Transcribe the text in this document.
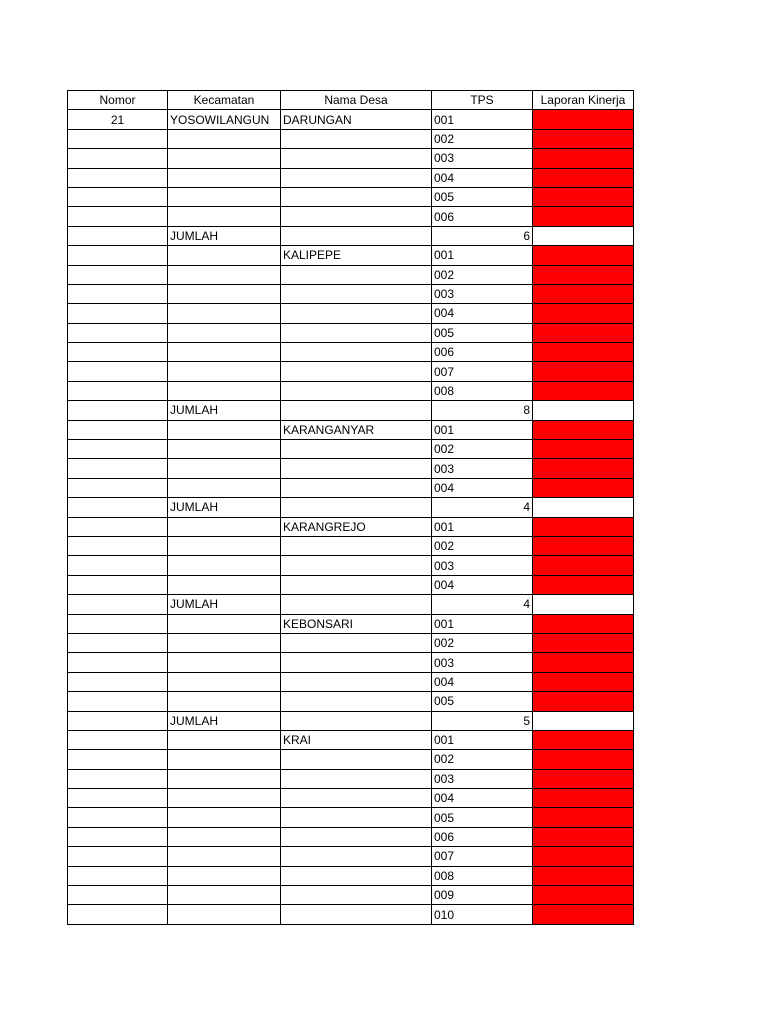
Nomor	Kecamatan	Nama Desa	TPS	Laporan Kinerja
21	YOSOWILANGUN	DARUNGAN	001	
			002	
			003	
			004	
			005	
			006	
	JUMLAH		6	
		KALIPEPE	001	
			002	
			003	
			004	
			005	
			006	
			007	
			008	
	JUMLAH		8	
		KARANGANYAR	001	
			002	
			003	
			004	
	JUMLAH		4	
		KARANGREJO	001	
			002	
			003	
			004	
	JUMLAH		4	
		KEBONSARI	001	
			002	
			003	
			004	
			005	
	JUMLAH		5	
		KRAI	001	
			002	
			003	
			004	
			005	
			006	
			007	
			008	
			009	
			010	
